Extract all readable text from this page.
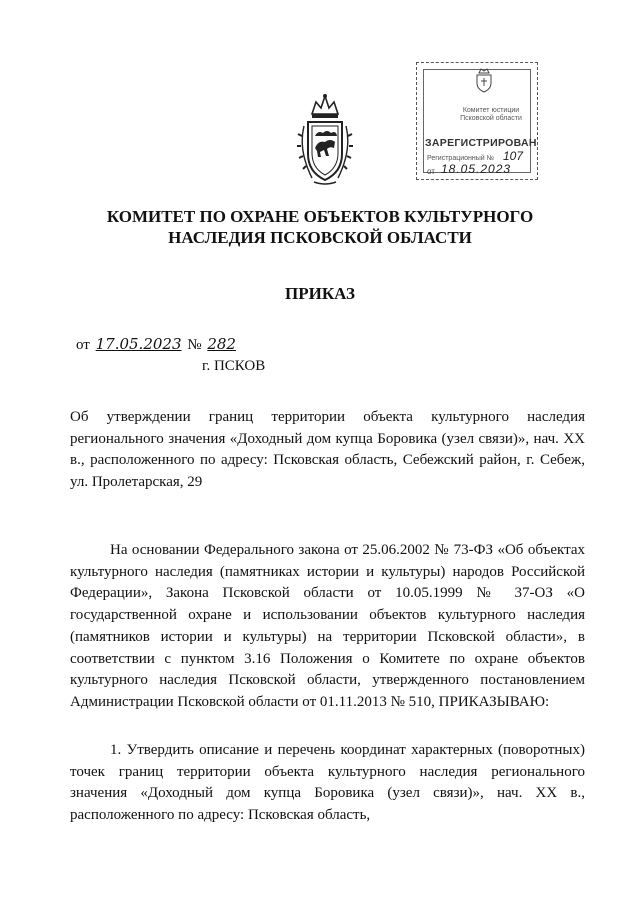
Комитет юстиции Псковской области
ЗАРЕГИСТРИРОВАН
Регистрационный № 107
от 18.05.2023
КОМИТЕТ ПО ОХРАНЕ ОБЪЕКТОВ КУЛЬТУРНОГО НАСЛЕДИЯ ПСКОВСКОЙ ОБЛАСТИ
ПРИКАЗ
от 17.05.2023 № 282
г. ПСКОВ
Об утверждении границ территории объекта культурного наследия регионального значения «Доходный дом купца Боровика (узел связи)», нач. XX в., расположенного по адресу: Псковская область, Себежский район, г. Себеж, ул. Пролетарская, 29

На основании Федерального закона от 25.06.2002 № 73-ФЗ «Об объектах культурного наследия (памятниках истории и культуры) народов Российской Федерации», Закона Псковской области от 10.05.1999 № 37-ОЗ «О государственной охране и использовании объектов культурного наследия (памятников истории и культуры) на территории Псковской области», в соответствии с пунктом 3.16 Положения о Комитете по охране объектов культурного наследия Псковской области, утвержденного постановлением Администрации Псковской области от 01.11.2013 № 510, ПРИКАЗЫВАЮ:

1. Утвердить описание и перечень координат характерных (поворотных) точек границ территории объекта культурного наследия регионального значения «Доходный дом купца Боровика (узел связи)», нач. XX в., расположенного по адресу: Псковская область,
